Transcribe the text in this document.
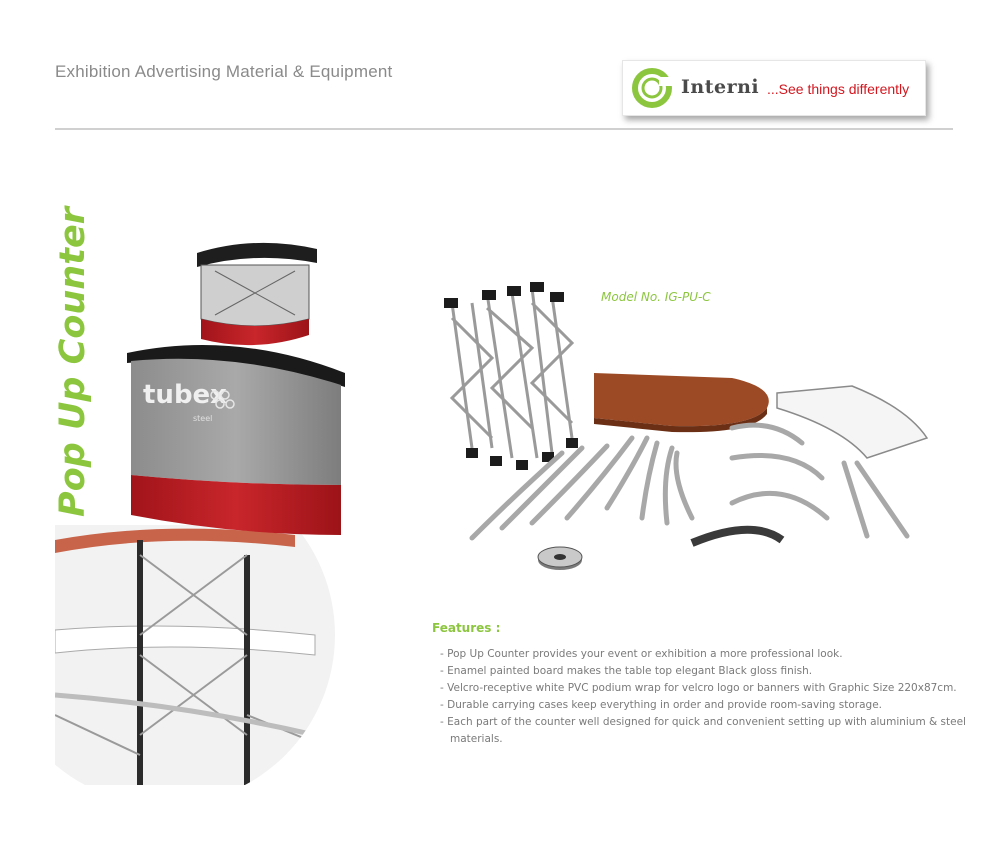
Exhibition Advertising Material & Equipment
Interni ...See things differently
Pop Up Counter tubex
steel
Model No. IG-PU-C
Features :
- Pop Up Counter provides your event or exhibition a more professional look.
- Enamel painted board makes the table top elegant Black gloss finish.
- Velcro-receptive white PVC podium wrap for velcro logo or banners with Graphic Size 220x87cm.
- Durable carrying cases keep everything in order and provide room-saving storage.
- Each part of the counter well designed for quick and convenient setting up with aluminium & steel materials.
